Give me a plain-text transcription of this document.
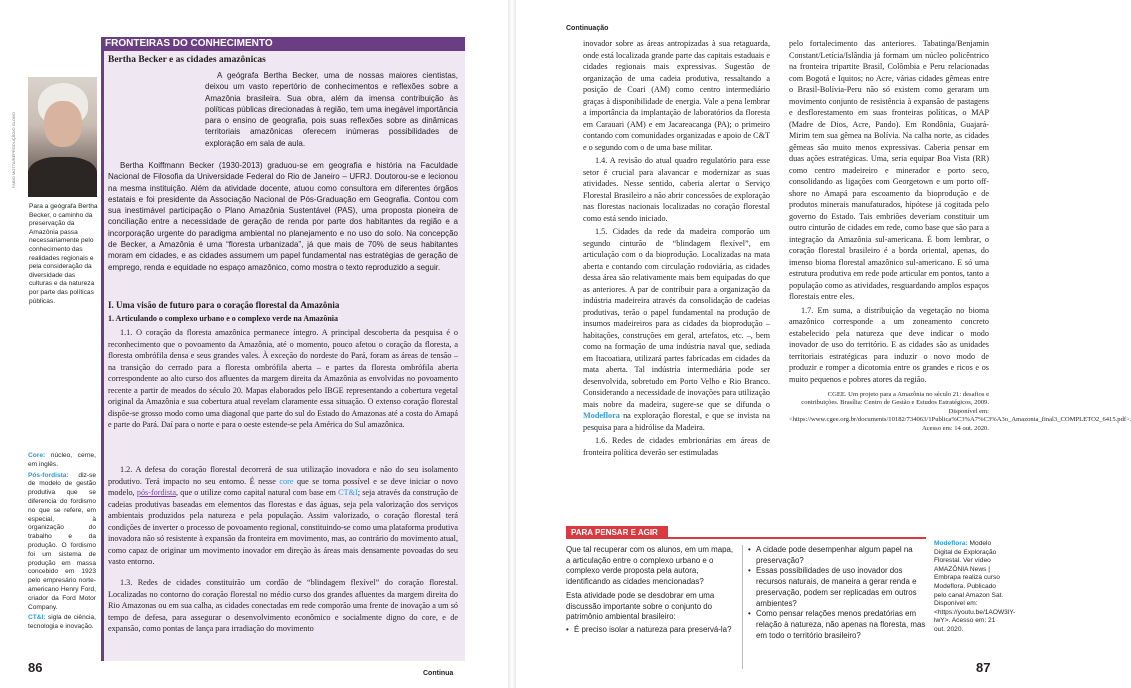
FRONTEIRAS DO CONHECIMENTO
Bertha Becker e as cidades amazônicas
FABIO MOTTA/REPRODUÇÃO/O GLOBO
Para a geógrafa Bertha Becker, o caminho da preservação da Amazônia passa necessariamente pelo conhecimento das realidades regionais e pela consideração da diversidade das culturas e da natureza por parte das políticas públicas.
A geógrafa Bertha Becker, uma de nossas maiores cientistas, deixou um vasto repertório de conhecimentos e reflexões sobre a Amazônia brasileira. Sua obra, além da imensa contribuição às políticas públicas direcionadas à região, tem uma inegável importância para o ensino de geografia, pois suas reflexões sobre as dinâmicas territoriais amazônicas oferecem inúmeras possibilidades de exploração em sala de aula.
Bertha Koiffmann Becker (1930-2013) graduou-se em geografia e história na Faculdade Nacional de Filosofia da Universidade Federal do Rio de Janeiro – UFRJ. Doutorou-se e lecionou na mesma instituição. Além da atividade docente, atuou como consultora em diferentes órgãos estatais e foi presidente da Associação Nacional de Pós-Graduação em Geografia. Contou com sua inestimável participação o Plano Amazônia Sustentável (PAS), uma proposta pioneira de conciliação entre a necessidade de geração de renda por parte dos habitantes da região e a incorporação urgente do paradigma ambiental no planejamento e no uso do solo. Na concepção de Becker, a Amazônia é uma “floresta urbanizada”, já que mais de 70% de seus habitantes moram em cidades, e as cidades assumem um papel fundamental nas estratégias de geração de emprego, renda e equidade no espaço amazônico, como mostra o texto reproduzido a seguir.
I. Uma visão de futuro para o coração florestal da Amazônia
1. Articulando o complexo urbano e o complexo verde na Amazônia
1.1. O coração da floresta amazônica permanece íntegro. A principal descoberta da pesquisa é o reconhecimento que o povoamento da Amazônia, até o momento, pouco afetou o coração da floresta, a floresta ombrófila densa e seus grandes vales. À exceção do nordeste do Pará, foram as áreas de tensão – na transição do cerrado para a floresta ombrófila aberta – e partes da floresta ombrófila aberta correspondente ao alto curso dos afluentes da margem direita da Amazônia as envolvidas no povoamento recente a partir de meados do século 20. Mapas elaborados pelo IBGE representando a cobertura vegetal original da Amazônia e sua cobertura atual revelam claramente essa situação. O extenso coração florestal dispõe-se grosso modo como uma diagonal que parte do sul do Estado do Amazonas até a costa do Amapá e parte do Pará. Daí para o norte e para o oeste estende-se pela América do Sul amazônica.
1.2. A defesa do coração florestal decorrerá de sua utilização inovadora e não do seu isolamento produtivo. Terá impacto no seu entorno. É nesse core que se torna possível e se deve iniciar o novo modelo, pós-fordista, que o utilize como capital natural com base em CT&I; seja através da construção de cadeias produtivas baseadas em elementos das florestas e das águas, seja pela valorização dos serviços ambientais produzidos pela natureza e pela população. Assim valorizado, o coração florestal terá condições de inverter o processo de povoamento regional, constituindo-se como uma plataforma produtiva inovadora não só resistente à expansão da fronteira em movimento, mas, ao contrário do movimento atual, como capaz de originar um movimento inovador em direção às áreas mais densamente povoadas do seu vasto entorno.
1.3. Redes de cidades constituirão um cordão de “blindagem flexível” do coração florestal. Localizadas no contorno do coração florestal no médio curso dos grandes afluentes da margem direita do Rio Amazonas ou em sua calha, as cidades conectadas em rede comporão uma frente de inovação a um só tempo de defesa, para assegurar o desenvolvimento econômico e socialmente digno do core, e de expansão, como pontas de lança para irradiação do movimento
Core: núcleo, cerne, em inglês.
Pós-fordista: diz-se de modelo de gestão produtiva que se diferencia do fordismo no que se refere, em especial, à organização do trabalho e da produção. O fordismo foi um sistema de produção em massa concebido em 1923 pelo empresário norte-americano Henry Ford, criador da Ford Motor Company.
CT&I: sigla de ciência, tecnologia e inovação.
86	Continua
Continuação
inovador sobre as áreas antropizadas à sua retaguarda, onde está localizada grande parte das capitais estaduais e cidades regionais mais expressivas. Sugestão de organização de uma cadeia produtiva, ressaltando a posição de Coari (AM) como centro intermediário graças à disponibilidade de energia. Vale a pena lembrar a importância da implantação de laboratórios da floresta em Carauari (AM) e em Jacareacanga (PA); o primeiro contando com comunidades organizadas e apoio de C&T e o segundo com o de uma base militar.
1.4. A revisão do atual quadro regulatório para esse setor é crucial para alavancar e modernizar as suas atividades. Nesse sentido, caberia alertar o Serviço Florestal Brasileiro a não abrir concessões de exploração nas florestas nacionais localizadas no coração florestal como está sendo iniciado.
1.5. Cidades da rede da madeira comporão um segundo cinturão de “blindagem flexível”, em articulação com o da bioprodução. Localizadas na mata aberta e contando com circulação rodoviária, as cidades dessa área são relativamente mais bem equipadas do que as anteriores. A par de contribuir para a organização da indústria madeireira através da consolidação de cadeias produtivas, terão o papel fundamental na produção de insumos madeireiros para as cidades da bioprodução – habitações, construções em geral, artefatos, etc. –, bem como na formação de uma indústria naval que, sediada em Itacoatiara, utilizará partes fabricadas em cidades da mata aberta. Tal indústria intermediária pode ser desenvolvida, sobretudo em Porto Velho e Rio Branco. Considerando a necessidade de inovações para utilização mais nobre da madeira, sugere-se que se difunda o Modeflora na exploração florestal, e que se invista na pesquisa para a hidrólise da Madeira.
1.6. Redes de cidades embrionárias em áreas de fronteira política deverão ser estimuladas
pelo fortalecimento das anteriores. Tabatinga/Benjamin Constant/Letícia/Islândia já formam um núcleo policêntrico na fronteira tripartite Brasil, Colômbia e Peru relacionadas com Bogotá e Iquitos; no Acre, várias cidades gêmeas entre o Brasil-Bolívia-Peru não só existem como geraram um movimento conjunto de resistência à expansão de pastagens e desflorestamento em suas fronteiras políticas, o MAP (Madre de Dios, Acre, Pando). Em Rondônia, Guajará-Mirim tem sua gêmea na Bolívia. Na calha norte, as cidades gêmeas são muito menos expressivas. Caberia pensar em duas ações estratégicas. Uma, seria equipar Boa Vista (RR) como centro madeireiro e minerador e porto seco, consolidando as ligações com Georgetown e um porto off-shore no Amapá para escoamento da bioprodução e de produtos minerais manufaturados, hipótese já cogitada pelo governo do Estado. Tais embriões deveriam constituir um outro cinturão de cidades em rede, como base que são para a integração da Amazônia sul-americana. É bom lembrar, o coração florestal brasileiro é a borda oriental, apenas, do imenso bioma florestal amazônico sul-americano. E só uma estrutura produtiva em rede pode articular em pontos, tanto a população como as atividades, resguardando amplos espaços florestais entre eles.
1.7. Em suma, a distribuição da vegetação no bioma amazônico corresponde a um zoneamento concreto estabelecido pela natureza que deve indicar o modo inovador de uso do território. E as cidades são as unidades territoriais estratégicas para induzir o novo modo de produzir e romper a dicotomia entre os grandes e ricos e os muito pequenos e pobres atores da região.
CGEE. Um projeto para a Amazônia no século 21: desafios e contribuições. Brasília: Centro de Gestão e Estudos Estratégicos, 2009. Disponível em: <https://www.cgee.org.br/documents/10182/734063/1Publica%C3%A7%C3%A3o_Amazonia_final3_COMPLETO2_6415.pdf>. Acesso em: 14 out. 2020.
PARA PENSAR E AGIR
Que tal recuperar com os alunos, em um mapa, a articulação entre o complexo urbano e o complexo verde proposta pela autora, identificando as cidades mencionadas?
Esta atividade pode se desdobrar em uma discussão importante sobre o conjunto do patrimônio ambiental brasileiro:
• É preciso isolar a natureza para preservá-la?
• A cidade pode desempenhar algum papel na preservação?
• Essas possibilidades de uso inovador dos recursos naturais, de maneira a gerar renda e preservação, podem ser replicadas em outros ambientes?
• Como pensar relações menos predatórias em relação à natureza, não apenas na floresta, mas em todo o território brasileiro?
Modeflora: Modelo Digital de Exploração Florestal. Ver vídeo AMAZÔNIA News | Embrapa realiza curso Modeflora. Publicado pelo canal Amazon Sat. Disponível em: <https://youtu.be/1AOW3lY-lwY>. Acesso em: 21 out. 2020.
87
